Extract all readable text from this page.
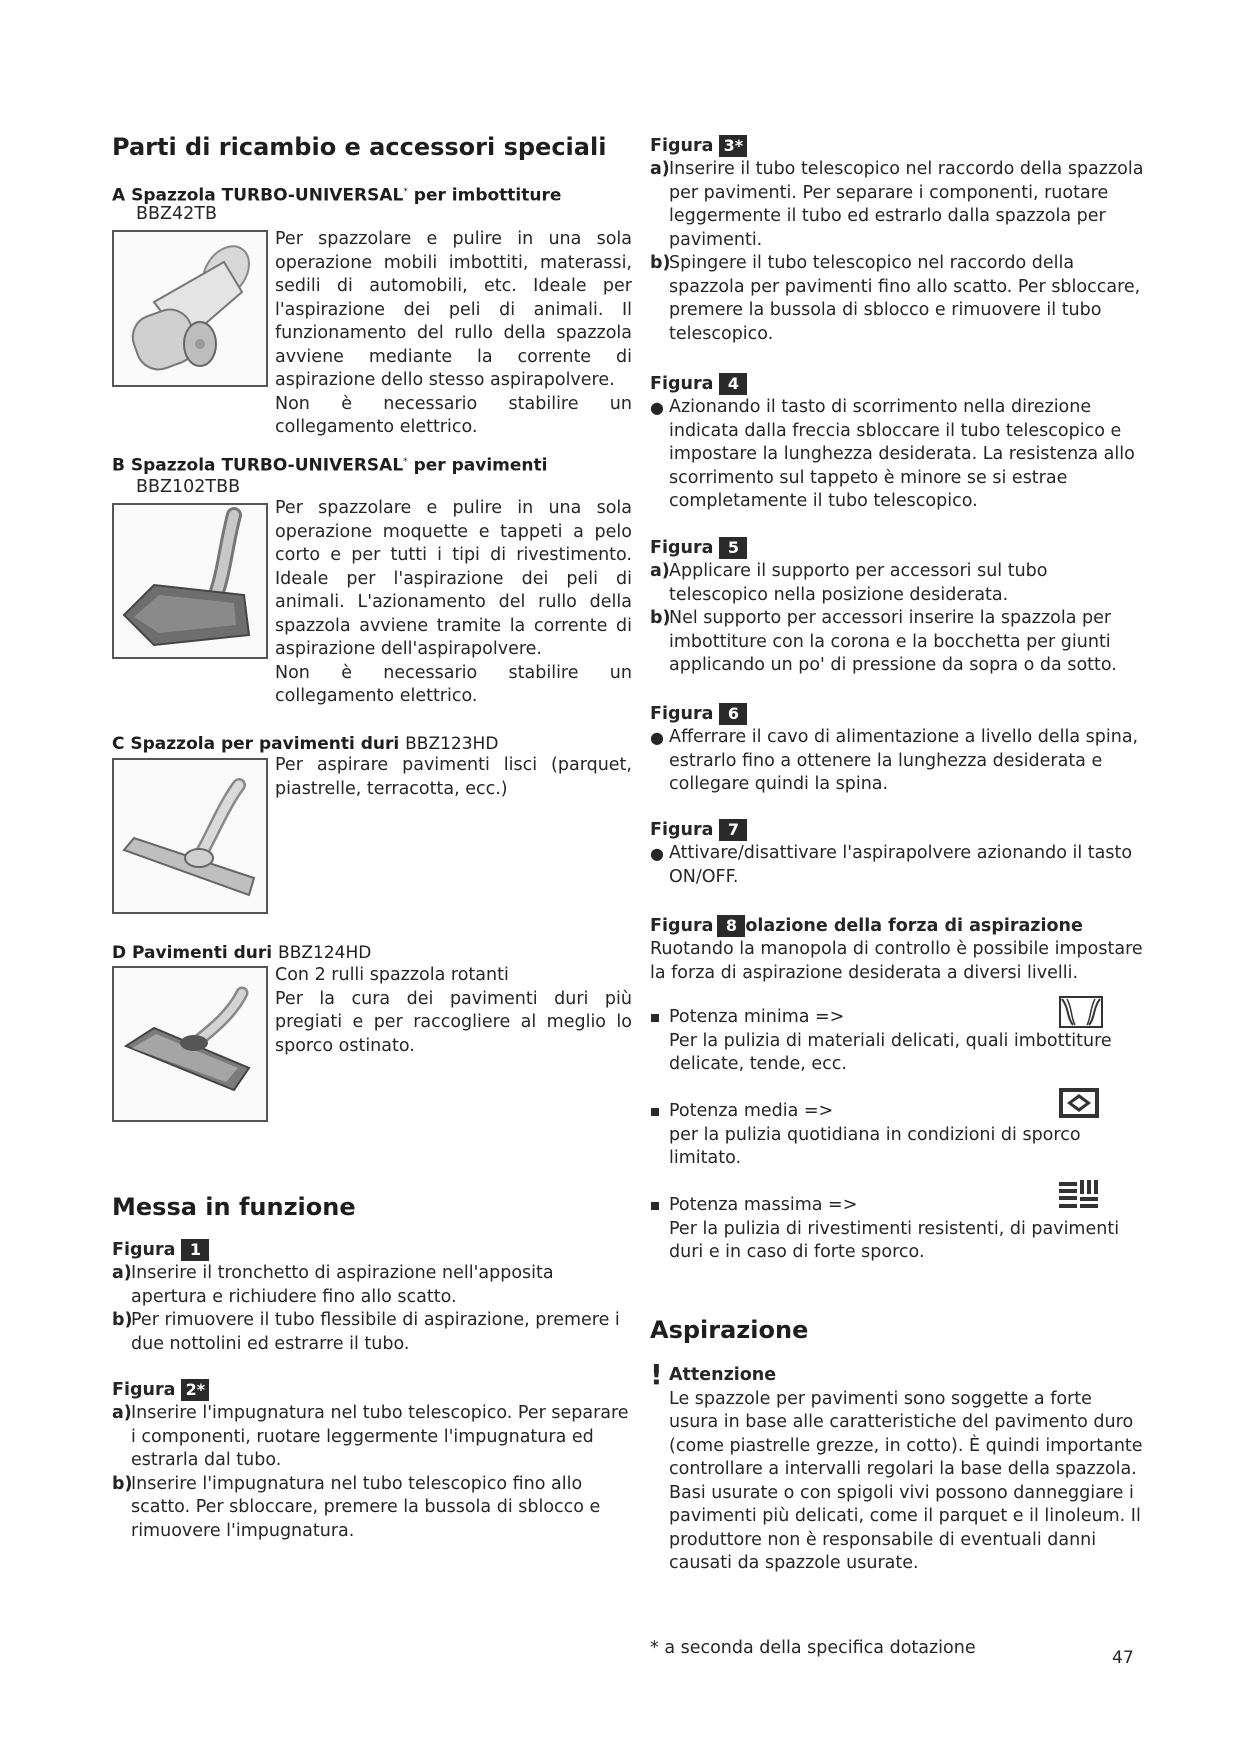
Parti di ricambio e accessori speciali
A Spazzola TURBO-UNIVERSAL* per imbottiture
BBZ42TB
Per spazzolare e pulire in una sola operazione mobili imbottiti, materassi, sedili di automobili, etc. Ideale per l'aspirazione dei peli di animali. Il funzionamento del rullo della spazzola avviene mediante la corrente di aspirazione dello stesso aspirapolvere.
Non è necessario stabilire un collegamento elettrico.
B Spazzola TURBO-UNIVERSAL* per pavimenti
BBZ102TBB
Per spazzolare e pulire in una sola operazione moquette e tappeti a pelo corto e per tutti i tipi di rivestimento. Ideale per l'aspirazione dei peli di animali. L'azionamento del rullo della spazzola avviene tramite la corrente di aspirazione dell'aspirapolvere.
Non è necessario stabilire un collegamento elettrico.
C Spazzola per pavimenti duri BBZ123HD
Per aspirare pavimenti lisci (parquet, piastrelle, terracotta, ecc.)
D Pavimenti duri BBZ124HD
Con 2 rulli spazzola rotanti
Per la cura dei pavimenti duri più pregiati e per raccogliere al meglio lo sporco ostinato.
Messa in funzione
Figura 1
a) Inserire il tronchetto di aspirazione nell'apposita apertura e richiudere fino allo scatto.
b)
Per rimuovere il tubo flessibile di aspirazione, premere i due nottolini ed estrarre il tubo.
Figura 2*
a) Inserire l'impugnatura nel tubo telescopico. Per separare i componenti, ruotare leggermente l'impugnatura ed estrarla dal tubo.
b)
Inserire l'impugnatura nel tubo telescopico fino allo scatto. Per sbloccare, premere la bussola di sblocco e rimuovere l'impugnatura.
Figura 3*
a) Inserire il tubo telescopico nel raccordo della spazzola per pavimenti. Per separare i componenti, ruotare leggermente il tubo ed estrarlo dalla spazzola per pavimenti.
b)
Spingere il tubo telescopico nel raccordo della spazzola per pavimenti fino allo scatto. Per sbloccare, premere la bussola di sblocco e rimuovere il tubo telescopico.
Figura 4
● Azionando il tasto di scorrimento nella direzione indicata dalla freccia sbloccare il tubo telescopico e impostare la lunghezza desiderata. La resistenza allo scorrimento sul tappeto è minore se si estrae completamente il tubo telescopico.
Figura 5
a) Applicare il supporto per accessori sul tubo telescopico nella posizione desiderata.
b)
Nel supporto per accessori inserire la spazzola per imbottiture con la corona e la bocchetta per giunti applicando un po' di pressione da sopra o da sotto.
Figura 6
● Afferrare il cavo di alimentazione a livello della spina, estrarlo fino a ottenere la lunghezza desiderata e collegare quindi la spina.
Figura 7
● Attivare/disattivare l'aspirapolvere azionando il tasto ON/OFF.
Figura 8 olazione della forza di aspirazione
Ruotando la manopola di controllo è possibile impostare la forza di aspirazione desiderata a diversi livelli.
Potenza minima =>
Per la pulizia di materiali delicati, quali imbottiture delicate, tende, ecc.
Potenza media =>
per la pulizia quotidiana in condizioni di sporco limitato.
Potenza massima =>
Per la pulizia di rivestimenti resistenti, di pavimenti duri e in caso di forte sporco.
Aspirazione
! Attenzione
Le spazzole per pavimenti sono soggette a forte usura in base alle caratteristiche del pavimento duro (come piastrelle grezze, in cotto). È quindi importante controllare a intervalli regolari la base della spazzola. Basi usurate o con spigoli vivi possono danneggiare i pavimenti più delicati, come il parquet e il linoleum. Il produttore non è responsabile di eventuali danni causati da spazzole usurate.
* a seconda della specifica dotazione	47
